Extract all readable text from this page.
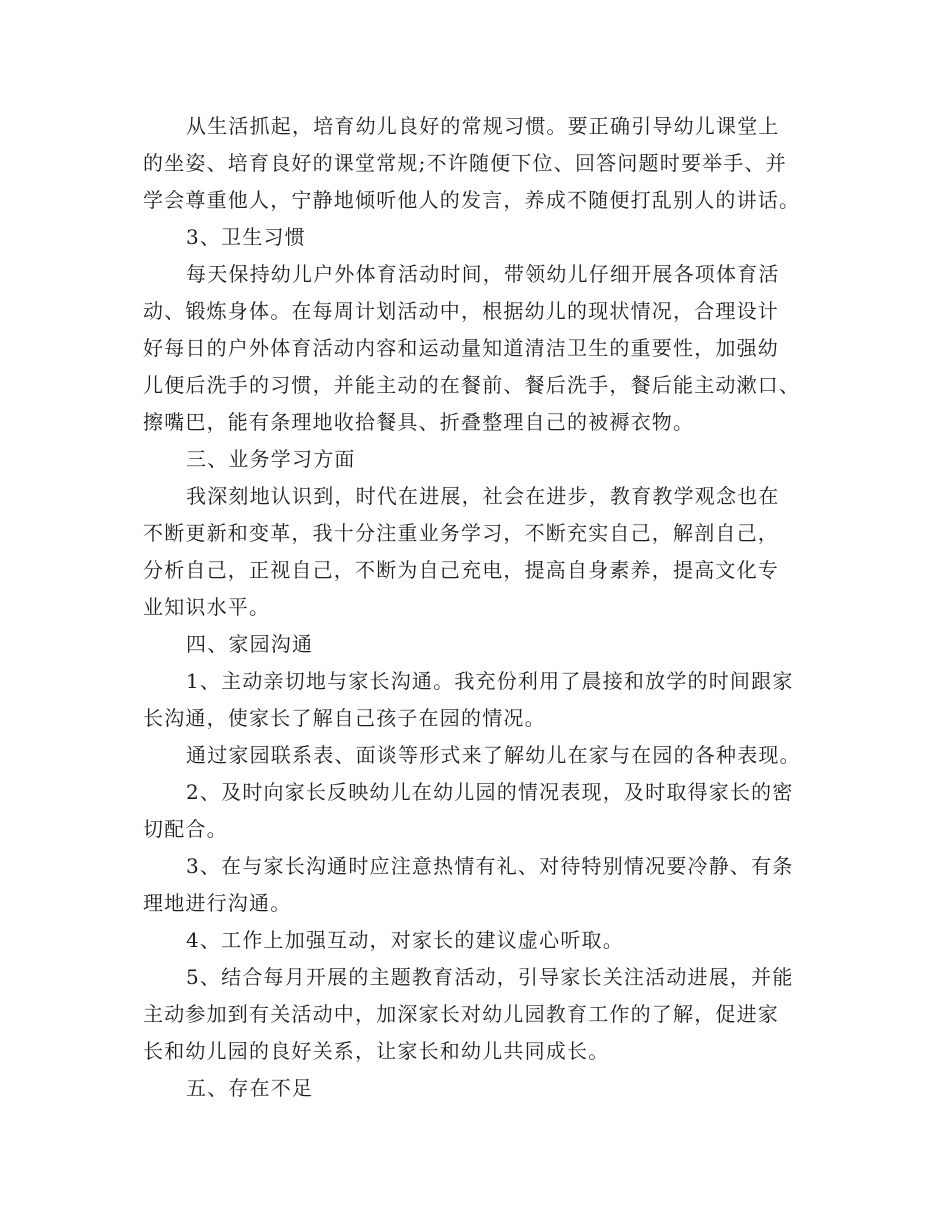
从生活抓起，培育幼儿良好的常规习惯。要正确引导幼儿课堂上
的坐姿、培育良好的课堂常规;不许随便下位、回答问题时要举手、并
学会尊重他人，宁静地倾听他人的发言，养成不随便打乱别人的讲话。
3、卫生习惯
每天保持幼儿户外体育活动时间，带领幼儿仔细开展各项体育活
动、锻炼身体。在每周计划活动中，根据幼儿的现状情况，合理设计
好每日的户外体育活动内容和运动量知道清洁卫生的重要性，加强幼
儿便后洗手的习惯，并能主动的在餐前、餐后洗手，餐后能主动漱口、
擦嘴巴，能有条理地收拾餐具、折叠整理自己的被褥衣物。
三、业务学习方面
我深刻地认识到，时代在进展，社会在进步，教育教学观念也在
不断更新和变革，我十分注重业务学习，不断充实自己，解剖自己，
分析自己，正视自己，不断为自己充电，提高自身素养，提高文化专
业知识水平。
四、家园沟通
1、主动亲切地与家长沟通。我充份利用了晨接和放学的时间跟家
长沟通，使家长了解自己孩子在园的情况。
通过家园联系表、面谈等形式来了解幼儿在家与在园的各种表现。
2、及时向家长反映幼儿在幼儿园的情况表现，及时取得家长的密
切配合。
3、在与家长沟通时应注意热情有礼、对待特别情况要冷静、有条
理地进行沟通。
4、工作上加强互动，对家长的建议虚心听取。
5、结合每月开展的主题教育活动，引导家长关注活动进展，并能
主动参加到有关活动中，加深家长对幼儿园教育工作的了解，促进家
长和幼儿园的良好关系，让家长和幼儿共同成长。
五、存在不足
